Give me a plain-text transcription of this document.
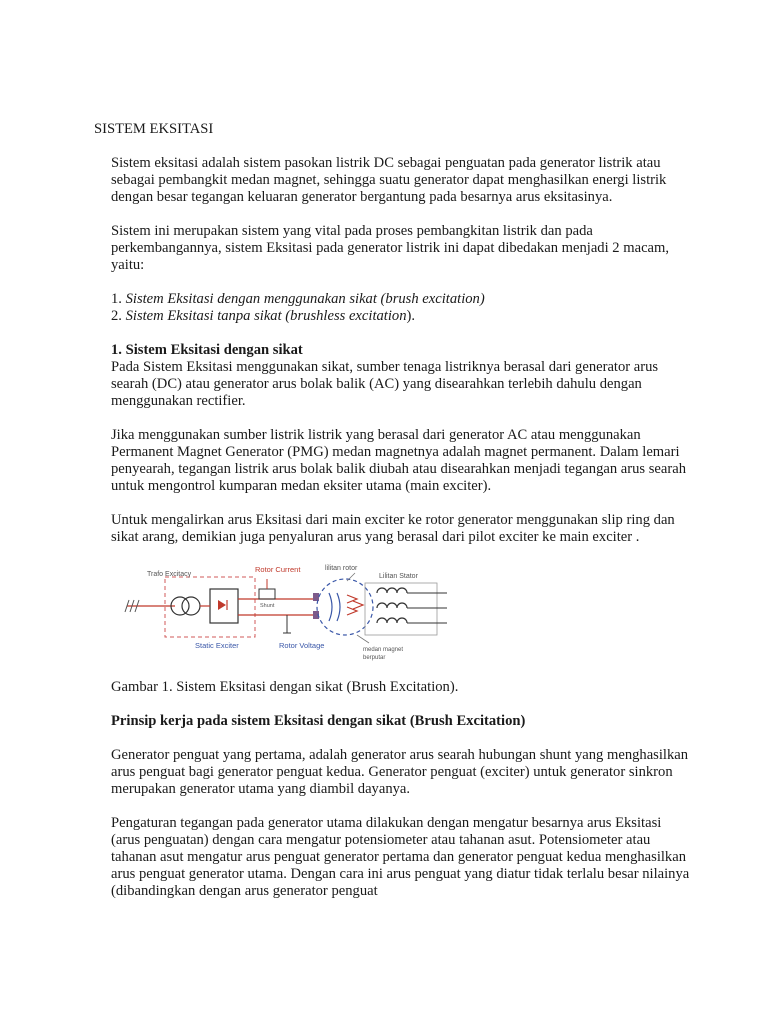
SISTEM EKSITASI

Sistem eksitasi adalah sistem pasokan listrik DC sebagai penguatan pada generator listrik atau sebagai pembangkit medan magnet, sehingga suatu generator dapat menghasilkan energi listrik dengan besar tegangan keluaran generator bergantung pada besarnya arus eksitasinya.

Sistem ini merupakan sistem yang vital pada proses pembangkitan listrik dan pada perkembangannya, sistem Eksitasi pada generator listrik ini dapat dibedakan menjadi 2 macam, yaitu:

1. Sistem Eksitasi dengan menggunakan sikat (brush excitation)
2. Sistem Eksitasi tanpa sikat (brushless excitation).
1. Sistem Eksitasi dengan sikat

Pada Sistem Eksitasi menggunakan sikat, sumber tenaga listriknya berasal dari generator arus searah (DC) atau generator arus bolak balik (AC) yang disearahkan terlebih dahulu dengan menggunakan rectifier.

Jika menggunakan sumber listrik listrik yang berasal dari generator AC atau menggunakan Permanent Magnet Generator (PMG) medan magnetnya adalah magnet permanent. Dalam lemari penyearah, tegangan listrik arus bolak balik diubah atau disearahkan menjadi tegangan arus searah untuk mengontrol kumparan medan eksiter utama (main exciter).

Untuk mengalirkan arus Eksitasi dari main exciter ke rotor generator menggunakan slip ring dan sikat arang, demikian juga penyaluran arus yang berasal dari pilot exciter ke main exciter .

Trafo Excitacy
Rotor Current	lilitan rotor
Lilitan Stator
Shunt
Static Exciter	Rotor Voltage	medan magnet
berputar

Gambar 1. Sistem Eksitasi dengan sikat (Brush Excitation).

Prinsip kerja pada sistem Eksitasi dengan sikat (Brush Excitation)

Generator penguat yang pertama, adalah generator arus searah hubungan shunt yang menghasilkan arus penguat bagi generator penguat kedua. Generator penguat (exciter) untuk generator sinkron merupakan generator utama yang diambil dayanya.

Pengaturan tegangan pada generator utama dilakukan dengan mengatur besarnya arus Eksitasi (arus penguatan) dengan cara mengatur potensiometer atau tahanan asut. Potensiometer atau tahanan asut mengatur arus penguat generator pertama dan generator penguat kedua menghasilkan arus penguat generator utama. Dengan cara ini arus penguat yang diatur tidak terlalu besar nilainya (dibandingkan dengan arus generator penguat
